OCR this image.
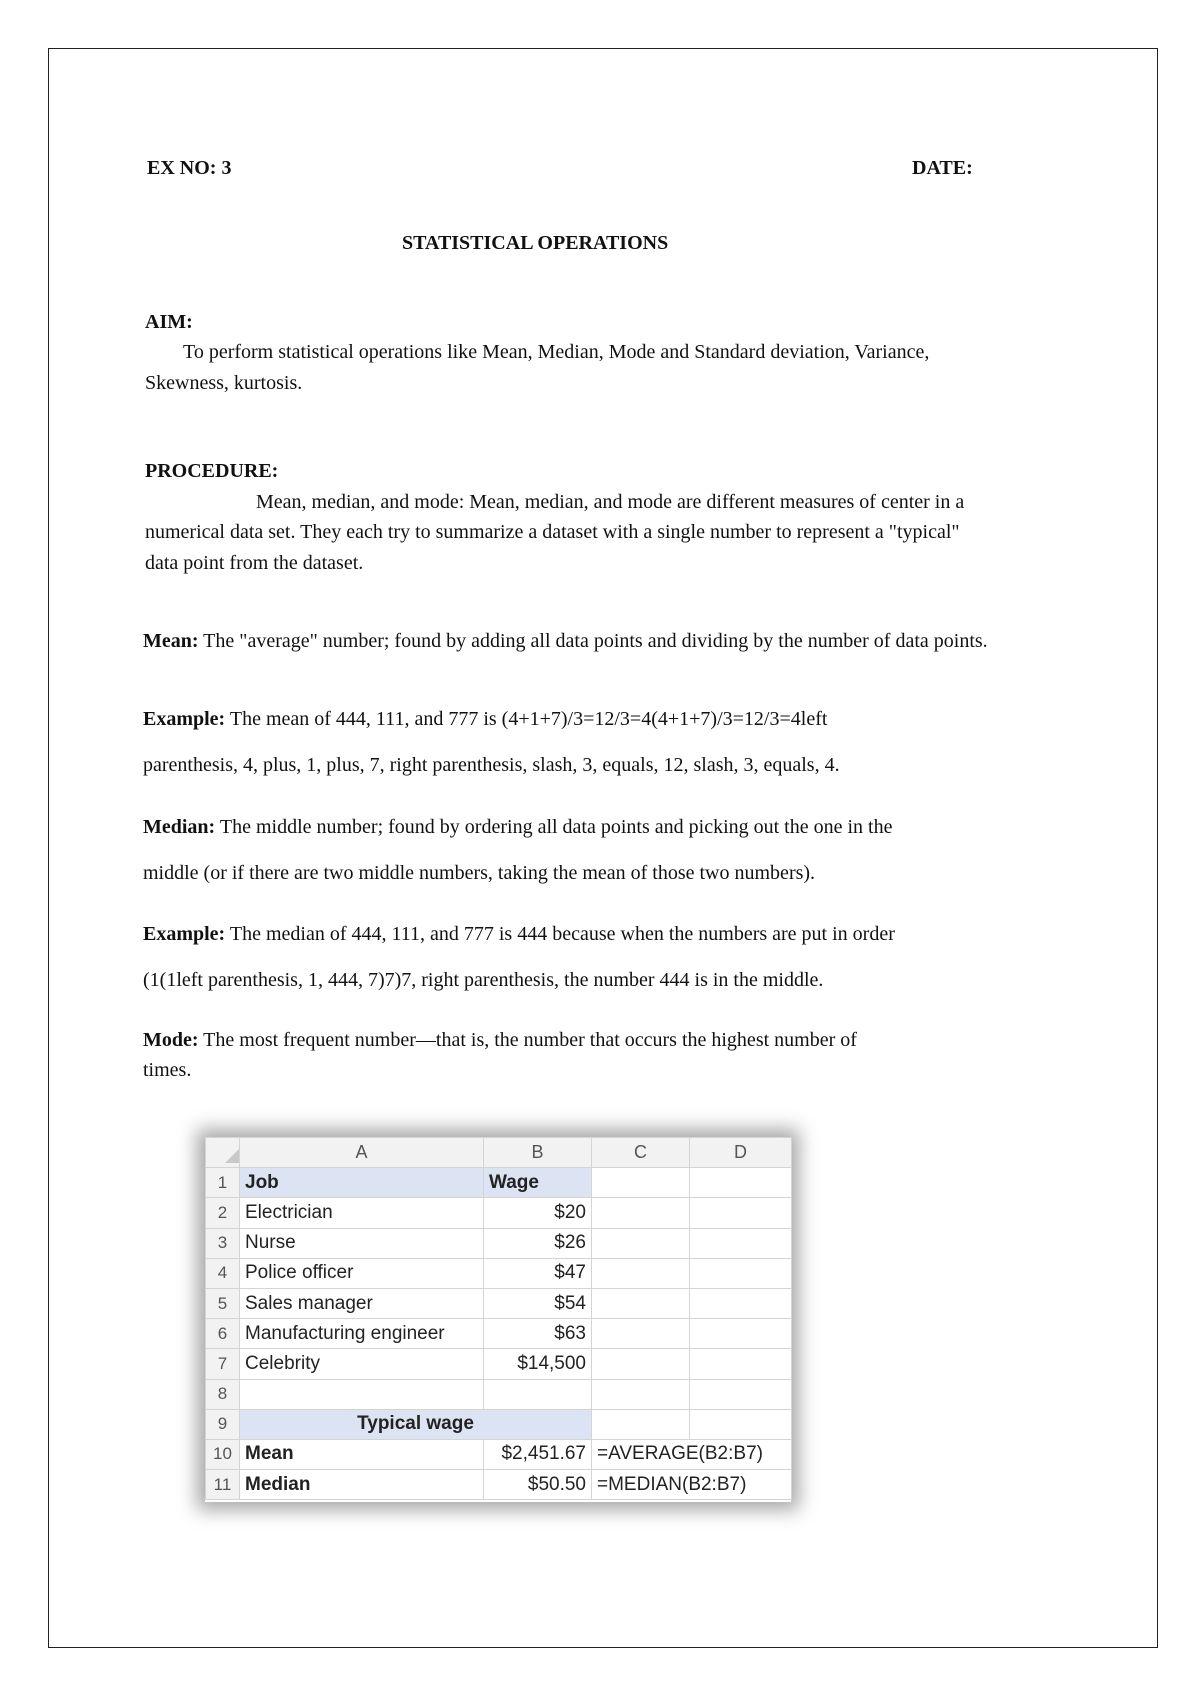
EX NO: 3	DATE:
STATISTICAL OPERATIONS
AIM:
To perform statistical operations like Mean, Median, Mode and Standard deviation, Variance,
Skewness, kurtosis.
PROCEDURE:
Mean, median, and mode: Mean, median, and mode are different measures of center in a
numerical data set. They each try to summarize a dataset with a single number to represent a "typical"
data point from the dataset.
Mean: The "average" number; found by adding all data points and dividing by the number of data points.
Example: The mean of 444, 111, and 777 is (4+1+7)/3=12/3=4(4+1+7)/3=12/3=4left
parenthesis, 4, plus, 1, plus, 7, right parenthesis, slash, 3, equals, 12, slash, 3, equals, 4.
Median: The middle number; found by ordering all data points and picking out the one in the
middle (or if there are two middle numbers, taking the mean of those two numbers).
Example: The median of 444, 111, and 777 is 444 because when the numbers are put in order
(1(1left parenthesis, 1, 444, 7)7)7, right parenthesis, the number 444 is in the middle.
Mode: The most frequent number—that is, the number that occurs the highest number of
times.
	A	B	C	D
1	Job	Wage		
2	Electrician	$20		
3	Nurse	$26		
4	Police officer	$47		
5	Sales manager	$54		
6	Manufacturing engineer	$63		
7	Celebrity	$14,500		
8				
9	Typical wage			
10	Mean	$2,451.67	=AVERAGE(B2:B7)	
11	Median	$50.50	=MEDIAN(B2:B7)	
